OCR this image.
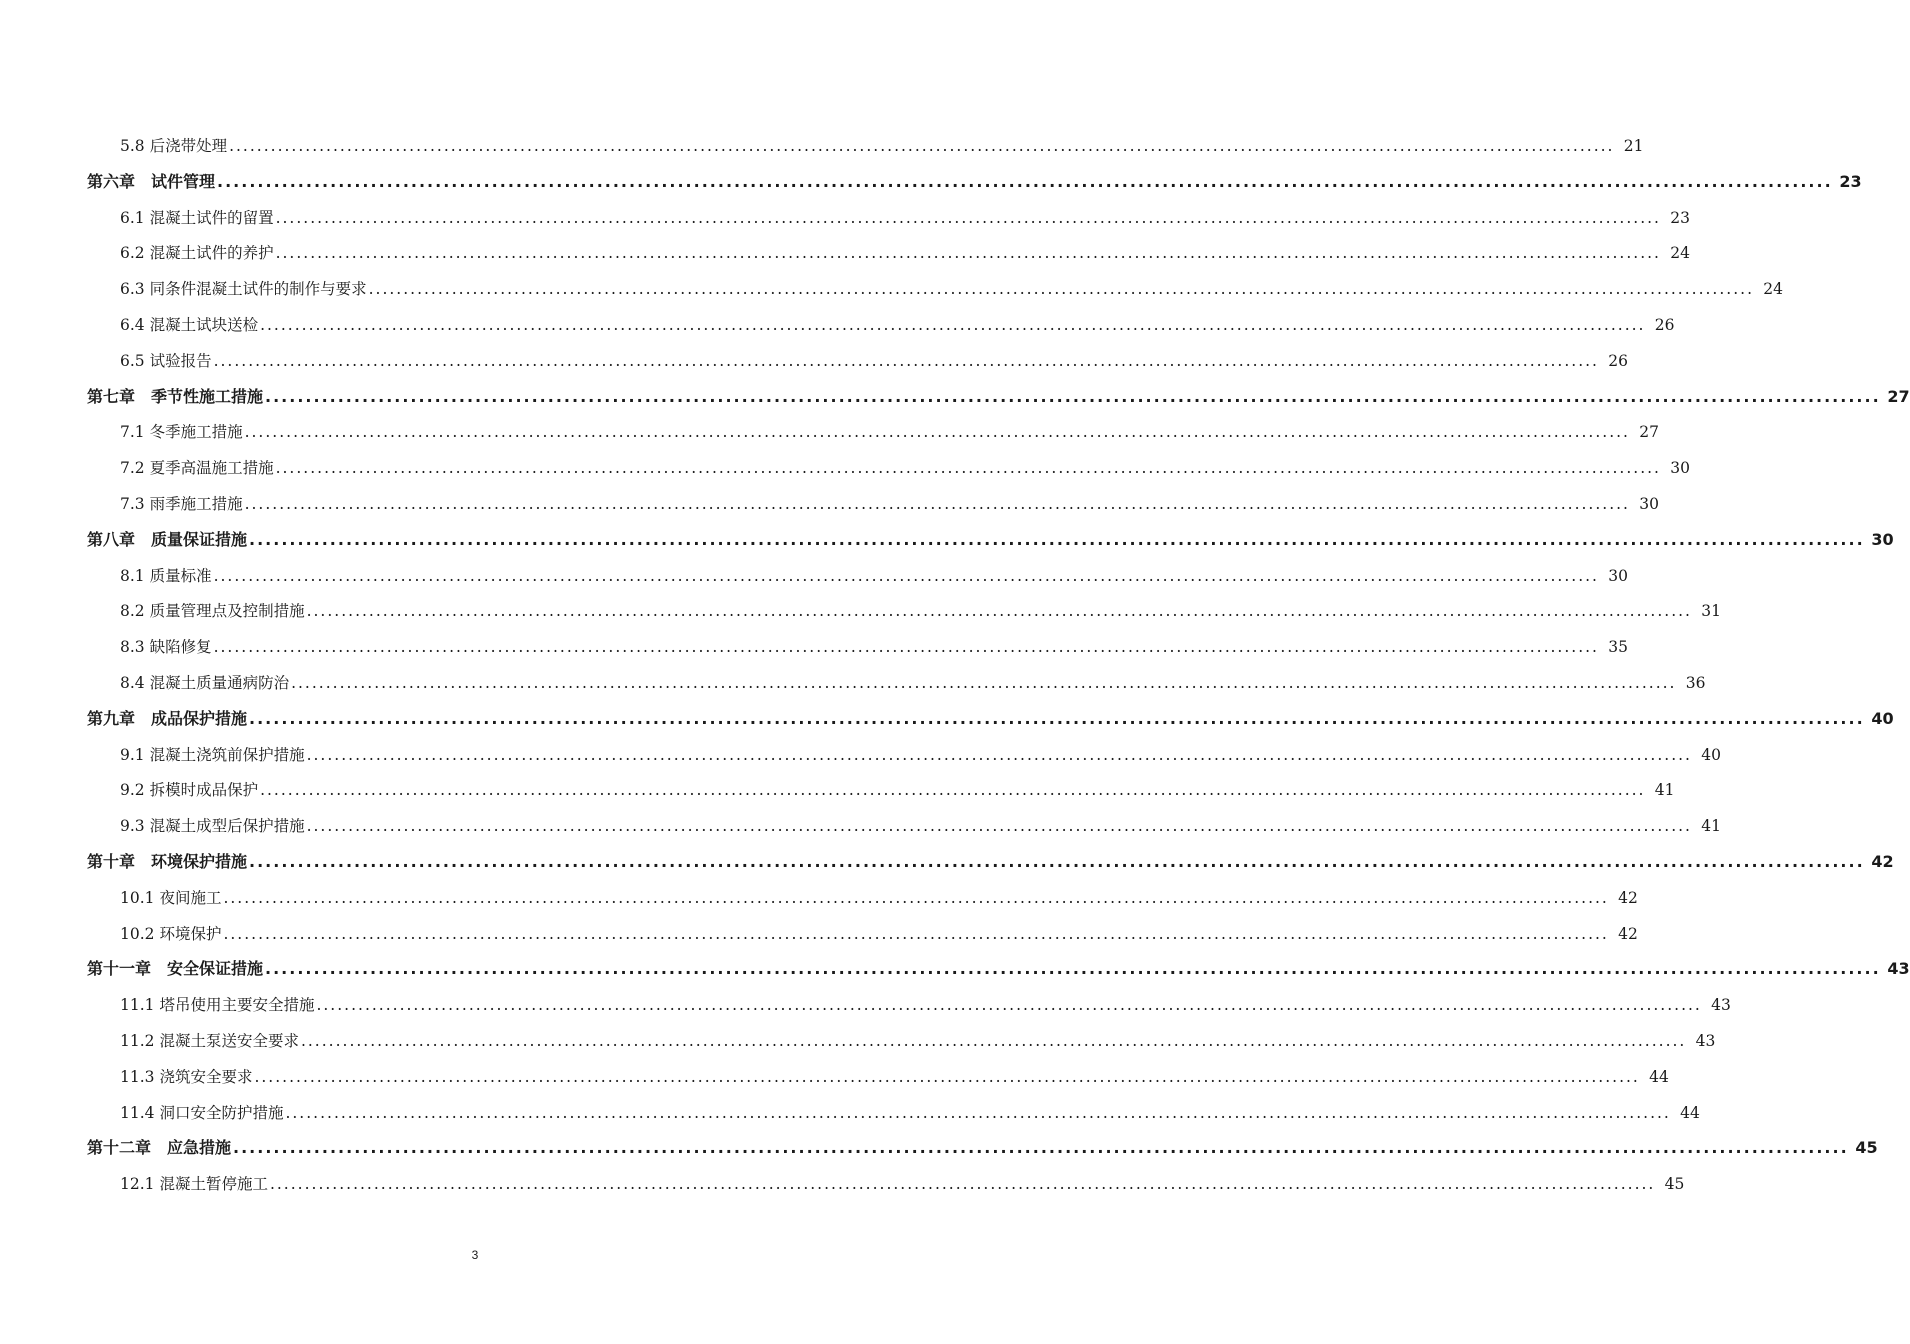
5.8 后浇带处理 ........................................................................................................................................................................................................ 21
第六章　试件管理 ........................................................................................................................................................................................................ 23
6.1 混凝土试件的留置 ........................................................................................................................................................................................................ 23
6.2 混凝土试件的养护 ........................................................................................................................................................................................................ 24
6.3 同条件混凝土试件的制作与要求 ........................................................................................................................................................................................................ 24
6.4 混凝土试块送检 ........................................................................................................................................................................................................ 26
6.5 试验报告 ........................................................................................................................................................................................................ 26
第七章　季节性施工措施 ........................................................................................................................................................................................................ 27
7.1 冬季施工措施 ........................................................................................................................................................................................................ 27
7.2 夏季高温施工措施 ........................................................................................................................................................................................................ 30
7.3 雨季施工措施 ........................................................................................................................................................................................................ 30
第八章　质量保证措施 ........................................................................................................................................................................................................ 30
8.1 质量标准 ........................................................................................................................................................................................................ 30
8.2 质量管理点及控制措施 ........................................................................................................................................................................................................ 31
8.3 缺陷修复 ........................................................................................................................................................................................................ 35
8.4 混凝土质量通病防治 ........................................................................................................................................................................................................ 36
第九章　成品保护措施 ........................................................................................................................................................................................................ 40
9.1 混凝土浇筑前保护措施 ........................................................................................................................................................................................................ 40
9.2 拆模时成品保护 ........................................................................................................................................................................................................ 41
9.3 混凝土成型后保护措施 ........................................................................................................................................................................................................ 41
第十章　环境保护措施 ........................................................................................................................................................................................................ 42
10.1 夜间施工 ........................................................................................................................................................................................................ 42
10.2 环境保护 ........................................................................................................................................................................................................ 42
第十一章　安全保证措施 ........................................................................................................................................................................................................ 43
11.1 塔吊使用主要安全措施 ........................................................................................................................................................................................................ 43
11.2 混凝土泵送安全要求 ........................................................................................................................................................................................................ 43
11.3 浇筑安全要求 ........................................................................................................................................................................................................ 44
11.4 洞口安全防护措施 ........................................................................................................................................................................................................ 44
第十二章　应急措施 ........................................................................................................................................................................................................ 45
12.1 混凝土暂停施工 ........................................................................................................................................................................................................ 45
3
